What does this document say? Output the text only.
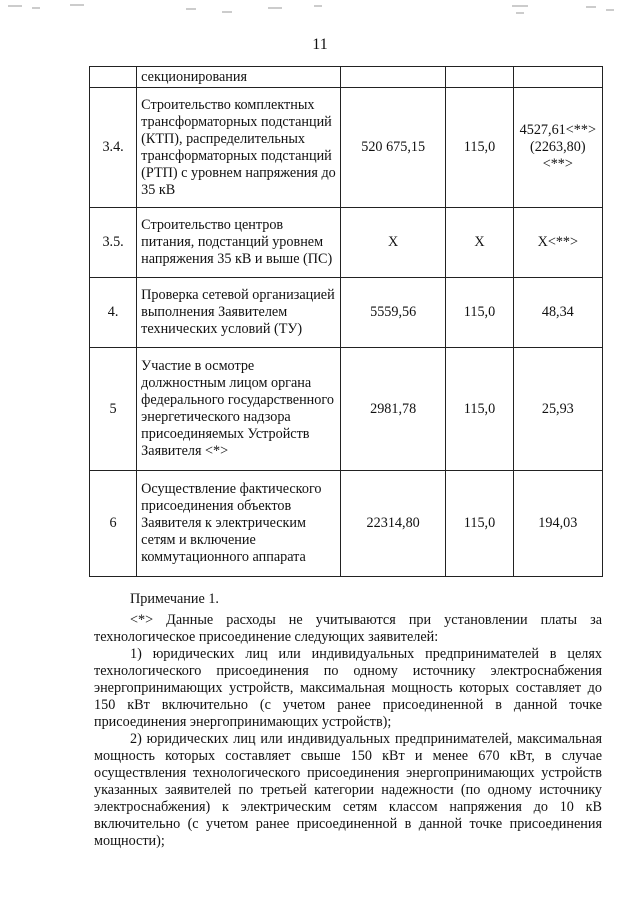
11
	секционирования			
3.4.	Строительство комплектных трансформаторных подстанций (КТП), распределительных трансформаторных подстанций (РТП) с уровнем напряжения до 35 кВ	520 675,15	115,0	4527,61<**> (2263,80)<**>
3.5.	Строительство центров питания, подстанций уровнем напряжения 35 кВ и выше (ПС)	X	X	X<**>
4.	Проверка сетевой организацией выполнения Заявителем технических условий (ТУ)	5559,56	115,0	48,34
5	Участие в осмотре должностным лицом органа федерального государственного энергетического надзора присоединяемых Устройств Заявителя <*>	2981,78	115,0	25,93
6	Осуществление фактического присоединения объектов Заявителя к электрическим сетям и включение коммутационного аппарата	22314,80	115,0	194,03

Примечание 1.

<*> Данные расходы не учитываются при установлении платы за технологическое присоединение следующих заявителей:

1) юридических лиц или индивидуальных предпринимателей в целях технологического присоединения по одному источнику электроснабжения энергопринимающих устройств, максимальная мощность которых составляет до 150 кВт включительно (с учетом ранее присоединенной в данной точке присоединения энергопринимающих устройств);

2) юридических лиц или индивидуальных предпринимателей, максимальная мощность которых составляет свыше 150 кВт и менее 670 кВт, в случае осуществления технологического присоединения энергопринимающих устройств указанных заявителей по третьей категории надежности (по одному источнику электроснабжения) к электрическим сетям классом напряжения до 10 кВ включительно (с учетом ранее присоединенной в данной точке присоединения мощности);
